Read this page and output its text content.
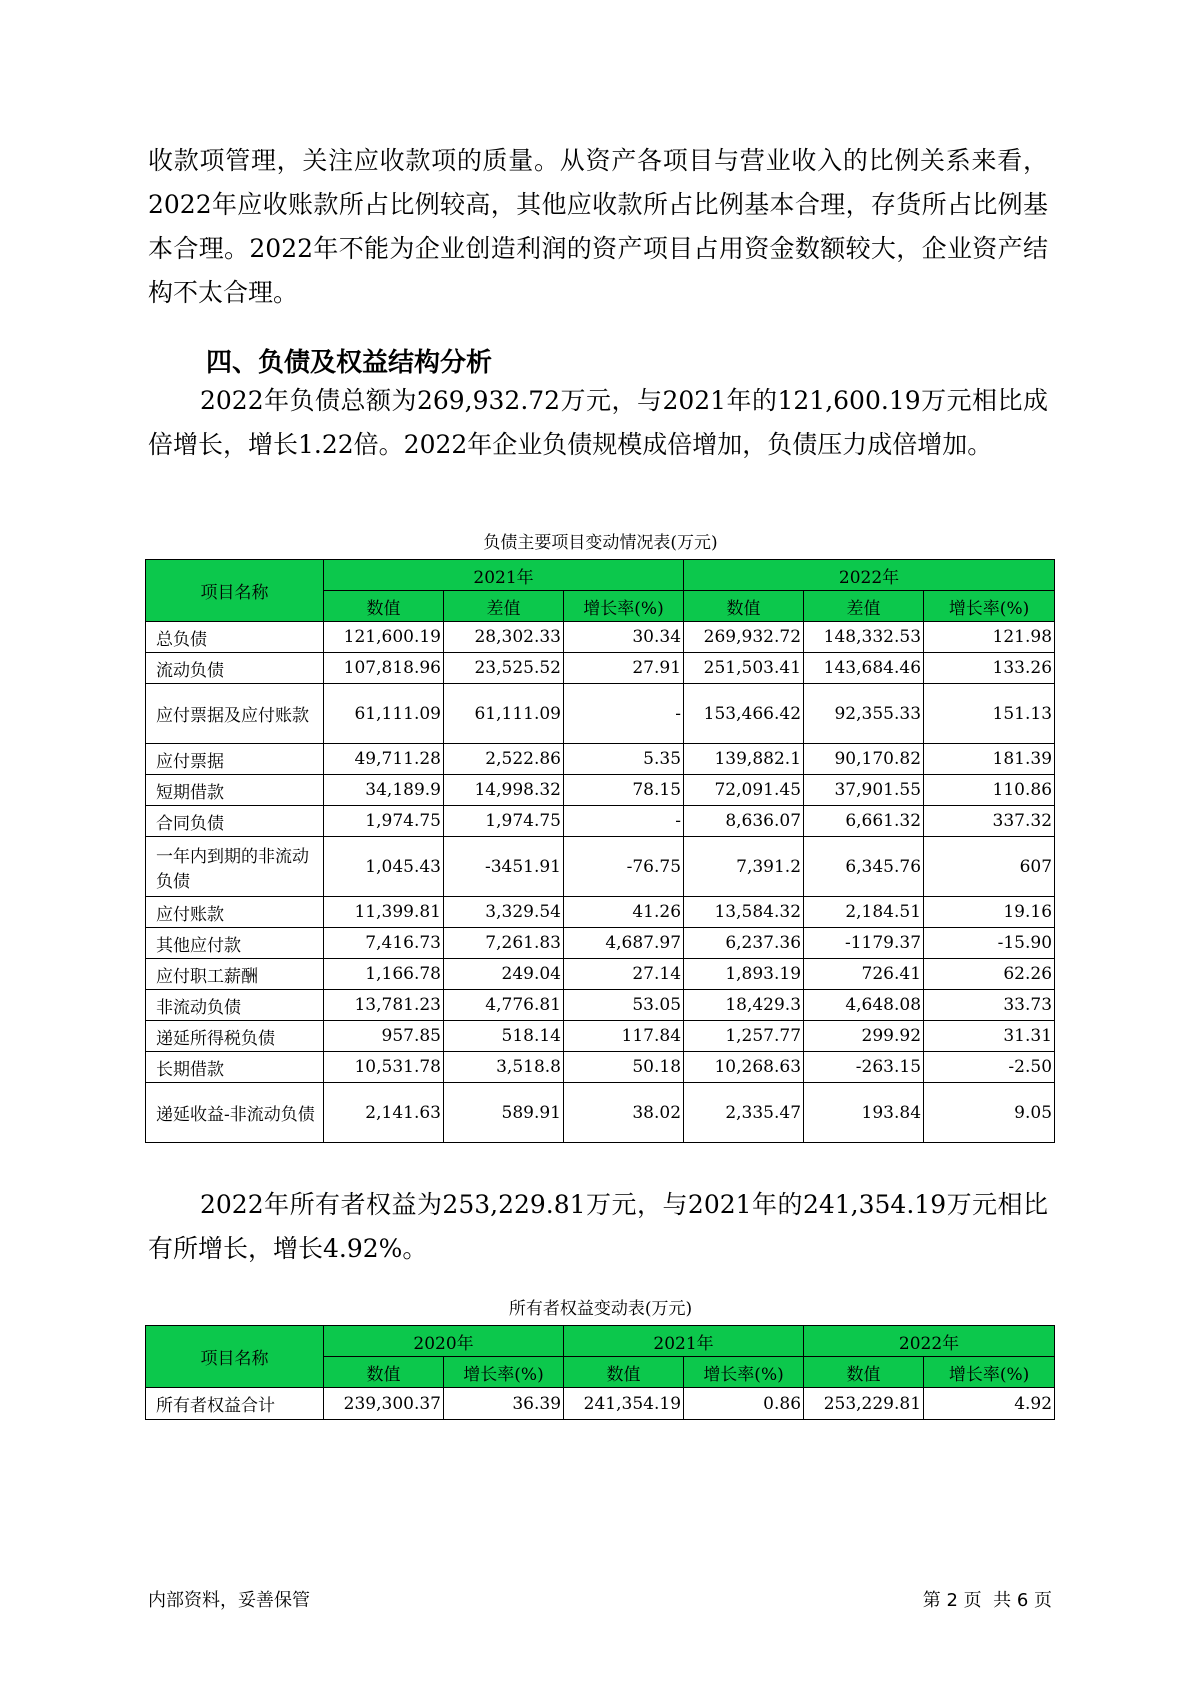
收款项管理，关注应收款项的质量。从资产各项目与营业收入的比例关系来看，2022年应收账款所占比例较高，其他应收款所占比例基本合理，存货所占比例基本合理。2022年不能为企业创造利润的资产项目占用资金数额较大，企业资产结构不太合理。

四、负债及权益结构分析

2022年负债总额为269,932.72万元，与2021年的121,600.19万元相比成倍增长，增长1.22倍。2022年企业负债规模成倍增加，负债压力成倍增加。

负债主要项目变动情况表(万元)
项目名称	2021年			2022年		
	数值	差值	增长率(%)	数值	差值	增长率(%)
总负债	121,600.19	28,302.33	30.34	269,932.72	148,332.53	121.98
流动负债	107,818.96	23,525.52	27.91	251,503.41	143,684.46	133.26
应付票据及应付账款	61,111.09	61,111.09	-	153,466.42	92,355.33	151.13
应付票据	49,711.28	2,522.86	5.35	139,882.1	90,170.82	181.39
短期借款	34,189.9	14,998.32	78.15	72,091.45	37,901.55	110.86
合同负债	1,974.75	1,974.75	-	8,636.07	6,661.32	337.32
一年内到期的非流动负债	1,045.43	-3451.91	-76.75	7,391.2	6,345.76	607
应付账款	11,399.81	3,329.54	41.26	13,584.32	2,184.51	19.16
其他应付款	7,416.73	7,261.83	4,687.97	6,237.36	-1179.37	-15.90
应付职工薪酬	1,166.78	249.04	27.14	1,893.19	726.41	62.26
非流动负债	13,781.23	4,776.81	53.05	18,429.3	4,648.08	33.73
递延所得税负债	957.85	518.14	117.84	1,257.77	299.92	31.31
长期借款	10,531.78	3,518.8	50.18	10,268.63	-263.15	-2.50
递延收益-非流动负债	2,141.63	589.91	38.02	2,335.47	193.84	9.05

2022年所有者权益为253,229.81万元，与2021年的241,354.19万元相比有所增长，增长4.92%。

所有者权益变动表(万元)
项目名称	2020年		2021年		2022年	
	数值	增长率(%)	数值	增长率(%)	数值	增长率(%)
所有者权益合计	239,300.37	36.39	241,354.19	0.86	253,229.81	4.92
内部资料，妥善保管	第 2 页  共 6 页
